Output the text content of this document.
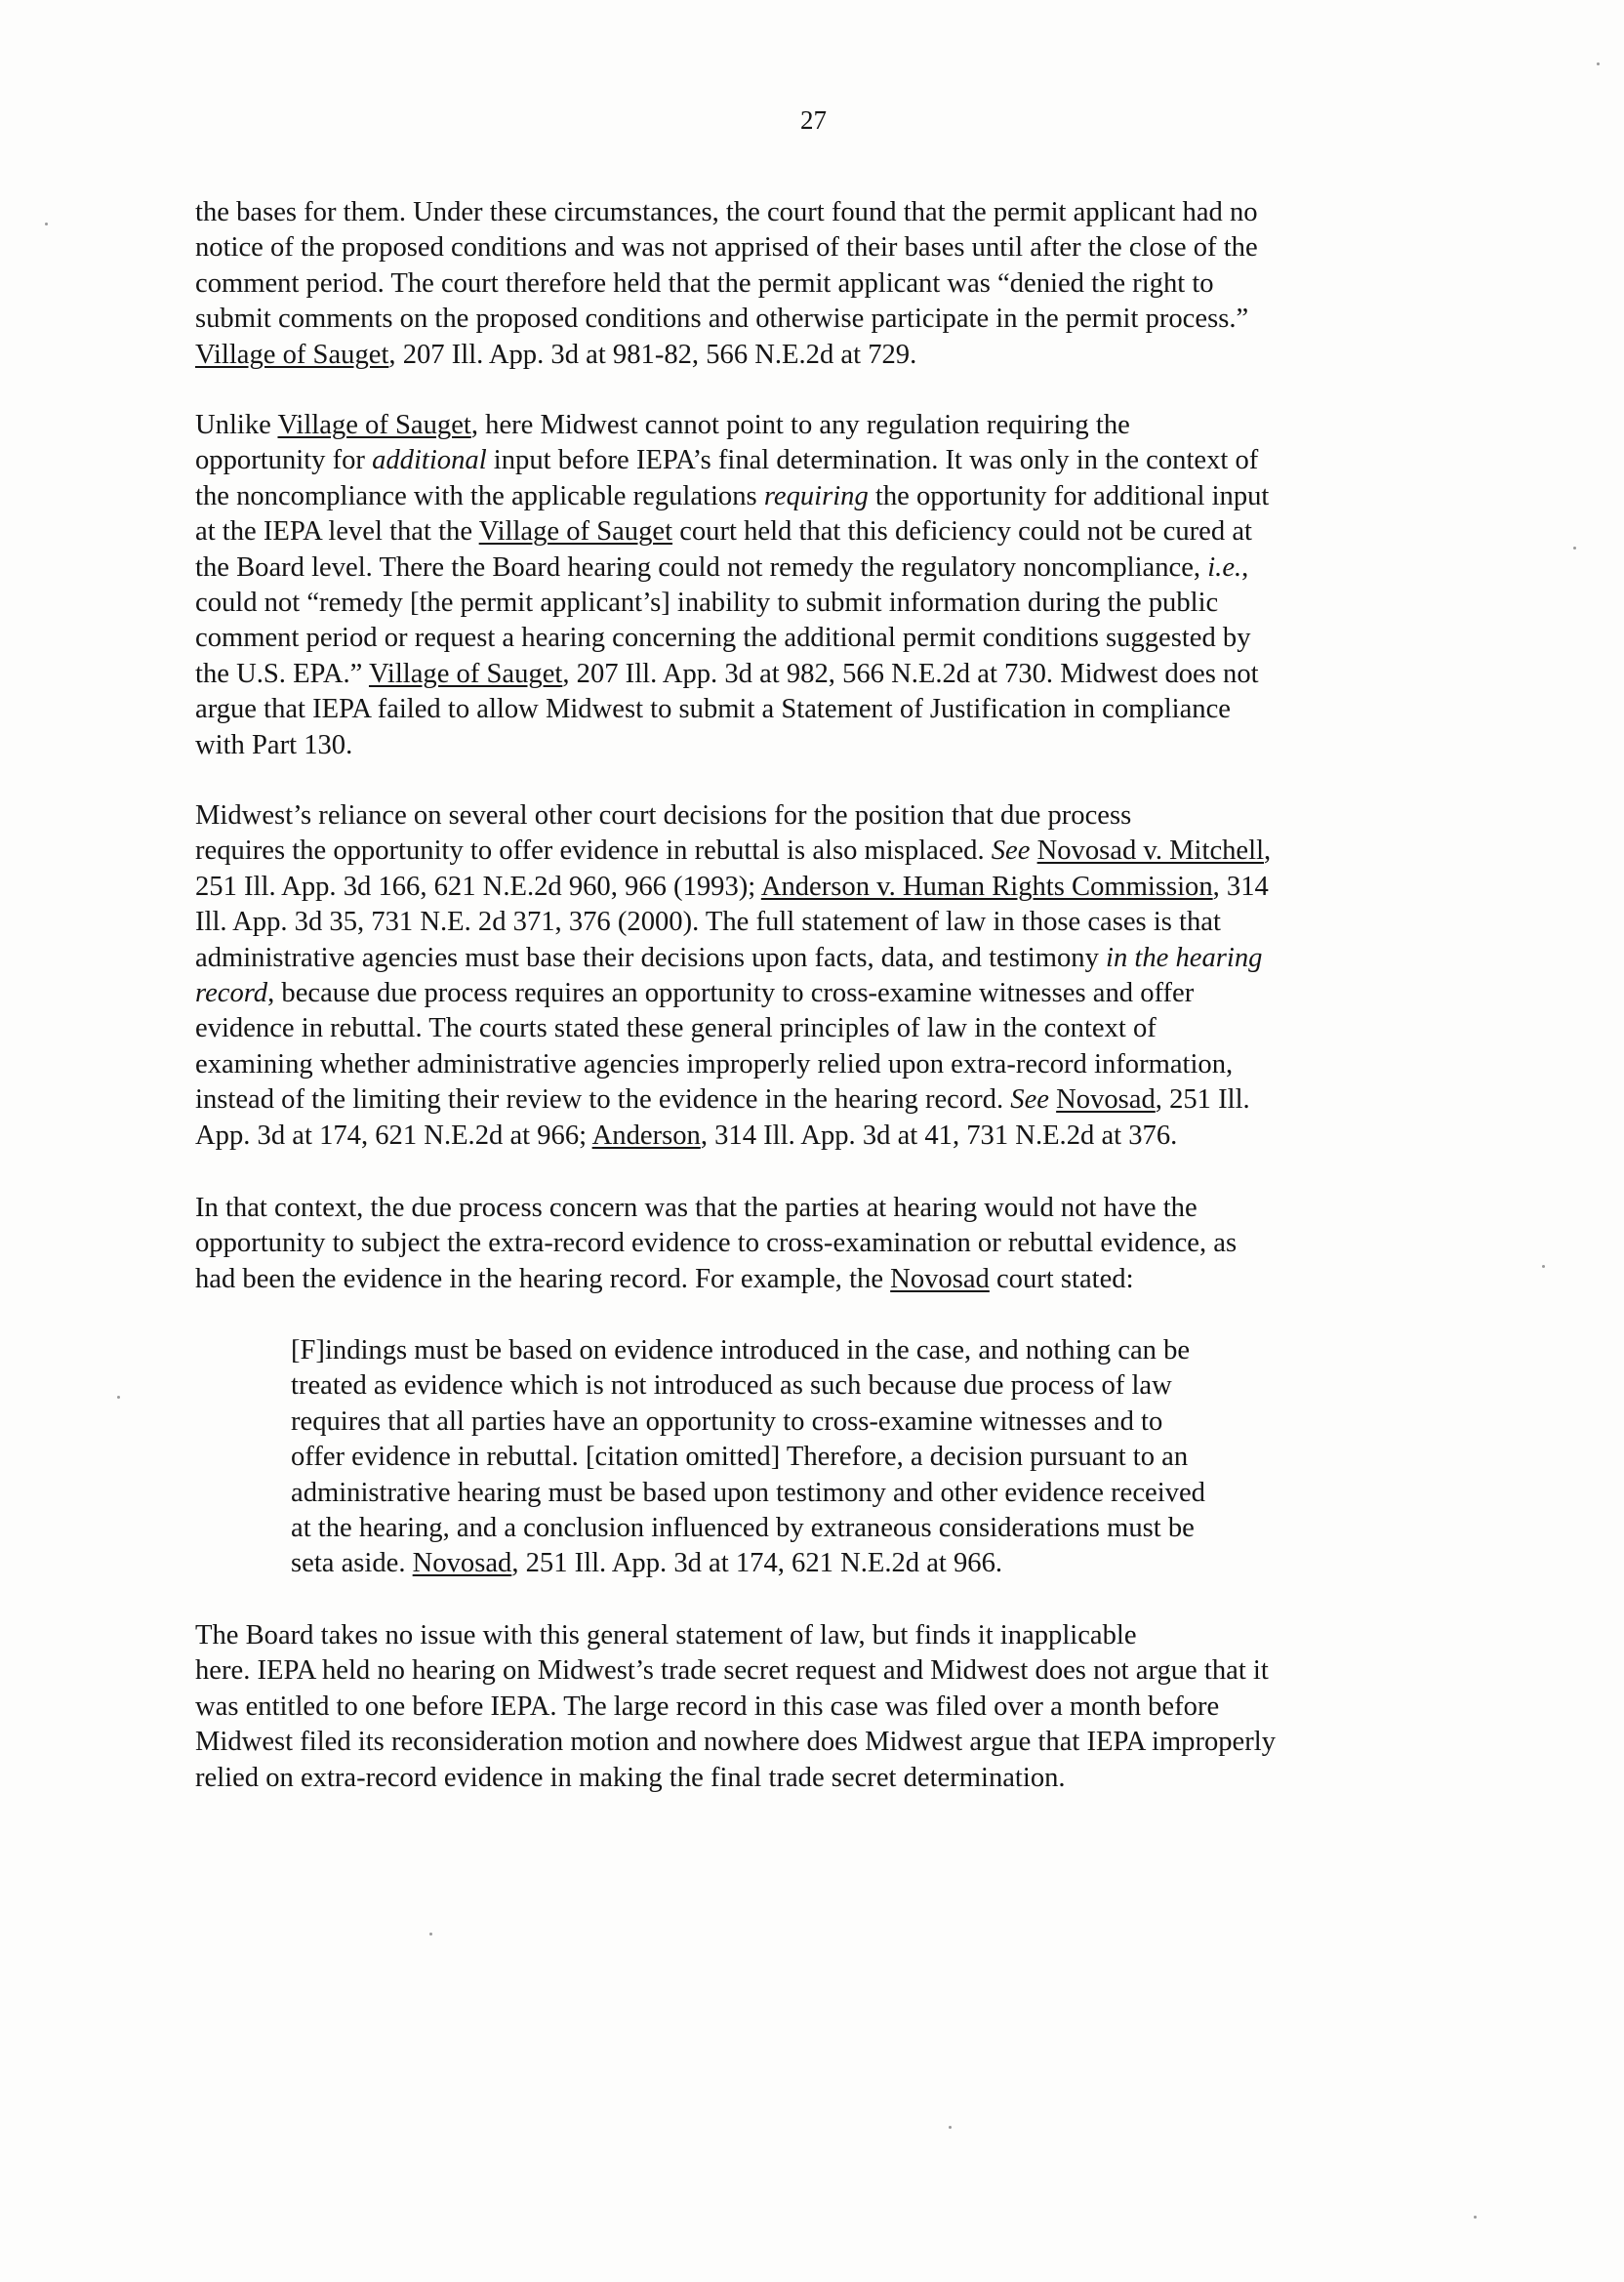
27
the bases for them. Under these circumstances, the court found that the permit applicant had no
notice of the proposed conditions and was not apprised of their bases until after the close of the
comment period. The court therefore held that the permit applicant was “denied the right to
submit comments on the proposed conditions and otherwise participate in the permit process.”
Village of Sauget, 207 Ill. App. 3d at 981-82, 566 N.E.2d at 729.
Unlike Village of Sauget, here Midwest cannot point to any regulation requiring the
opportunity for additional input before IEPA’s final determination. It was only in the context of
the noncompliance with the applicable regulations requiring the opportunity for additional input
at the IEPA level that the Village of Sauget court held that this deficiency could not be cured at
the Board level. There the Board hearing could not remedy the regulatory noncompliance, i.e.,
could not “remedy [the permit applicant’s] inability to submit information during the public
comment period or request a hearing concerning the additional permit conditions suggested by
the U.S. EPA.” Village of Sauget, 207 Ill. App. 3d at 982, 566 N.E.2d at 730. Midwest does not
argue that IEPA failed to allow Midwest to submit a Statement of Justification in compliance
with Part 130.
Midwest’s reliance on several other court decisions for the position that due process
requires the opportunity to offer evidence in rebuttal is also misplaced. See Novosad v. Mitchell,
251 Ill. App. 3d 166, 621 N.E.2d 960, 966 (1993); Anderson v. Human Rights Commission, 314
Ill. App. 3d 35, 731 N.E. 2d 371, 376 (2000). The full statement of law in those cases is that
administrative agencies must base their decisions upon facts, data, and testimony in the hearing
record, because due process requires an opportunity to cross-examine witnesses and offer
evidence in rebuttal. The courts stated these general principles of law in the context of
examining whether administrative agencies improperly relied upon extra-record information,
instead of the limiting their review to the evidence in the hearing record. See Novosad, 251 Ill.
App. 3d at 174, 621 N.E.2d at 966; Anderson, 314 Ill. App. 3d at 41, 731 N.E.2d at 376.
In that context, the due process concern was that the parties at hearing would not have the
opportunity to subject the extra-record evidence to cross-examination or rebuttal evidence, as
had been the evidence in the hearing record. For example, the Novosad court stated:
[F]indings must be based on evidence introduced in the case, and nothing can be
treated as evidence which is not introduced as such because due process of law
requires that all parties have an opportunity to cross-examine witnesses and to
offer evidence in rebuttal. [citation omitted] Therefore, a decision pursuant to an
administrative hearing must be based upon testimony and other evidence received
at the hearing, and a conclusion influenced by extraneous considerations must be
seta aside. Novosad, 251 Ill. App. 3d at 174, 621 N.E.2d at 966.
The Board takes no issue with this general statement of law, but finds it inapplicable
here. IEPA held no hearing on Midwest’s trade secret request and Midwest does not argue that it
was entitled to one before IEPA. The large record in this case was filed over a month before
Midwest filed its reconsideration motion and nowhere does Midwest argue that IEPA improperly
relied on extra-record evidence in making the final trade secret determination.
